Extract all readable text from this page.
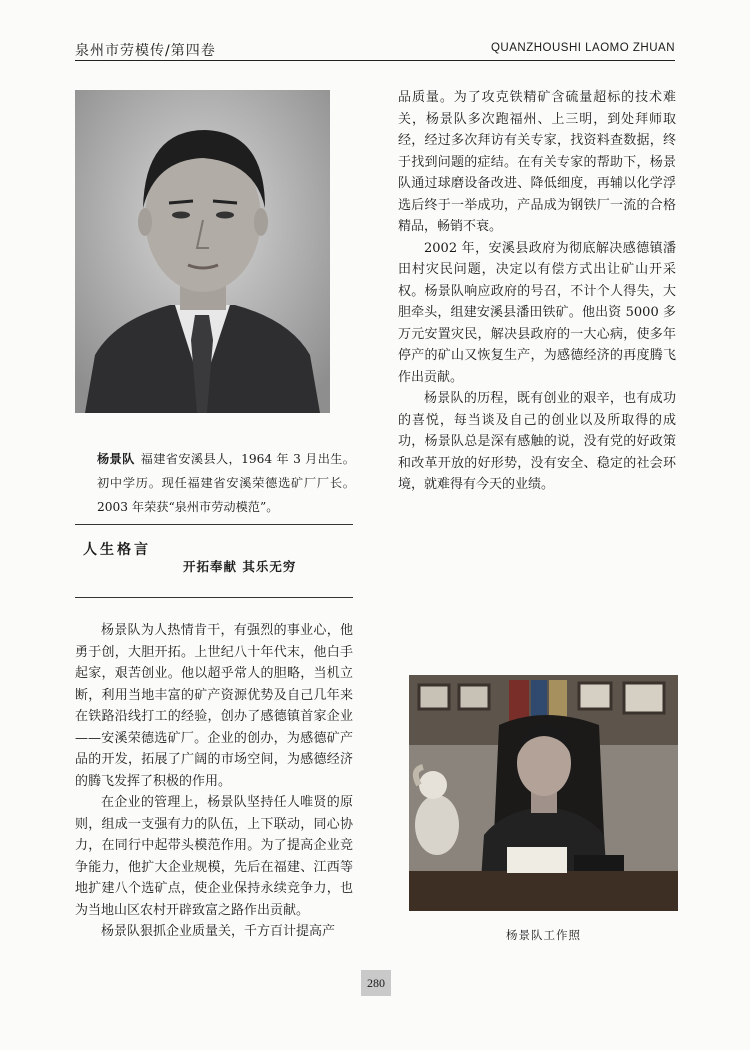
泉州市劳模传/第四卷	QUANZHOUSHI LAOMO ZHUAN
杨景队 福建省安溪县人，1964 年 3 月出生。初中学历。现任福建省安溪荣德选矿厂厂长。2003 年荣获“泉州市劳动模范”。
人生格言
开拓奉献 其乐无穷

杨景队为人热情肯干，有强烈的事业心，他勇于创，大胆开拓。上世纪八十年代末，他白手起家，艰苦创业。他以超乎常人的胆略，当机立断，利用当地丰富的矿产资源优势及自己几年来在铁路沿线打工的经验，创办了感德镇首家企业——安溪荣德选矿厂。企业的创办，为感德矿产品的开发，拓展了广阔的市场空间，为感德经济的腾飞发挥了积极的作用。

在企业的管理上，杨景队坚持任人唯贤的原则，组成一支强有力的队伍，上下联动，同心协力，在同行中起带头模范作用。为了提高企业竞争能力，他扩大企业规模，先后在福建、江西等地扩建八个选矿点，使企业保持永续竞争力，也为当地山区农村开辟致富之路作出贡献。

杨景队狠抓企业质量关，千方百计提高产

品质量。为了攻克铁精矿含硫量超标的技术难关，杨景队多次跑福州、上三明，到处拜师取经，经过多次拜访有关专家，找资料查数据，终于找到问题的症结。在有关专家的帮助下，杨景队通过球磨设备改进、降低细度，再辅以化学浮选后终于一举成功，产品成为钢铁厂一流的合格精品，畅销不衰。

2002 年，安溪县政府为彻底解决感德镇潘田村灾民问题，决定以有偿方式出让矿山开采权。杨景队响应政府的号召，不计个人得失，大胆牵头，组建安溪县潘田铁矿。他出资 5000 多万元安置灾民，解决县政府的一大心病，使多年停产的矿山又恢复生产，为感德经济的再度腾飞作出贡献。

杨景队的历程，既有创业的艰辛，也有成功的喜悦，每当谈及自己的创业以及所取得的成功，杨景队总是深有感触的说，没有党的好政策和改革开放的好形势，没有安全、稳定的社会环境，就难得有今天的业绩。

杨景队工作照
280
